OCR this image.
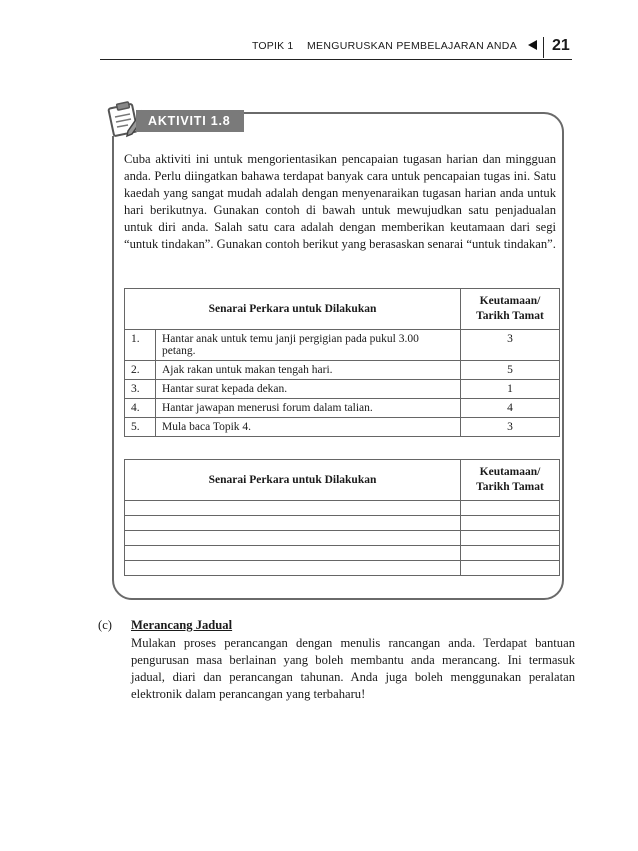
TOPIK 1 MENGURUSKAN PEMBELAJARAN ANDA 21
AKTIVITI 1.8
Cuba aktiviti ini untuk mengorientasikan pencapaian tugasan harian dan mingguan anda. Perlu diingatkan bahawa terdapat banyak cara untuk pencapaian tugas ini. Satu kaedah yang sangat mudah adalah dengan menyenaraikan tugasan harian anda untuk hari berikutnya. Gunakan contoh di bawah untuk mewujudkan satu penjadualan untuk diri anda. Salah satu cara adalah dengan memberikan keutamaan dari segi “untuk tindakan”. Gunakan contoh berikut yang berasaskan senarai “untuk tindakan”.
Senarai Perkara untuk Dilakukan		Keutamaan/ Tarikh Tamat
1.	Hantar anak untuk temu janji pergigian pada pukul 3.00 petang.	3
2.	Ajak rakan untuk makan tengah hari.	5
3.	Hantar surat kepada dekan.	1
4.	Hantar jawapan menerusi forum dalam talian.	4
5.	Mula baca Topik 4.	3
Senarai Perkara untuk Dilakukan	Keutamaan/ Tarikh Tamat

(c) Merancang Jadual
Mulakan proses perancangan dengan menulis rancangan anda. Terdapat bantuan pengurusan masa berlainan yang boleh membantu anda merancang. Ini termasuk jadual, diari dan perancangan tahunan. Anda juga boleh menggunakan peralatan elektronik dalam perancangan yang terbaharu!
